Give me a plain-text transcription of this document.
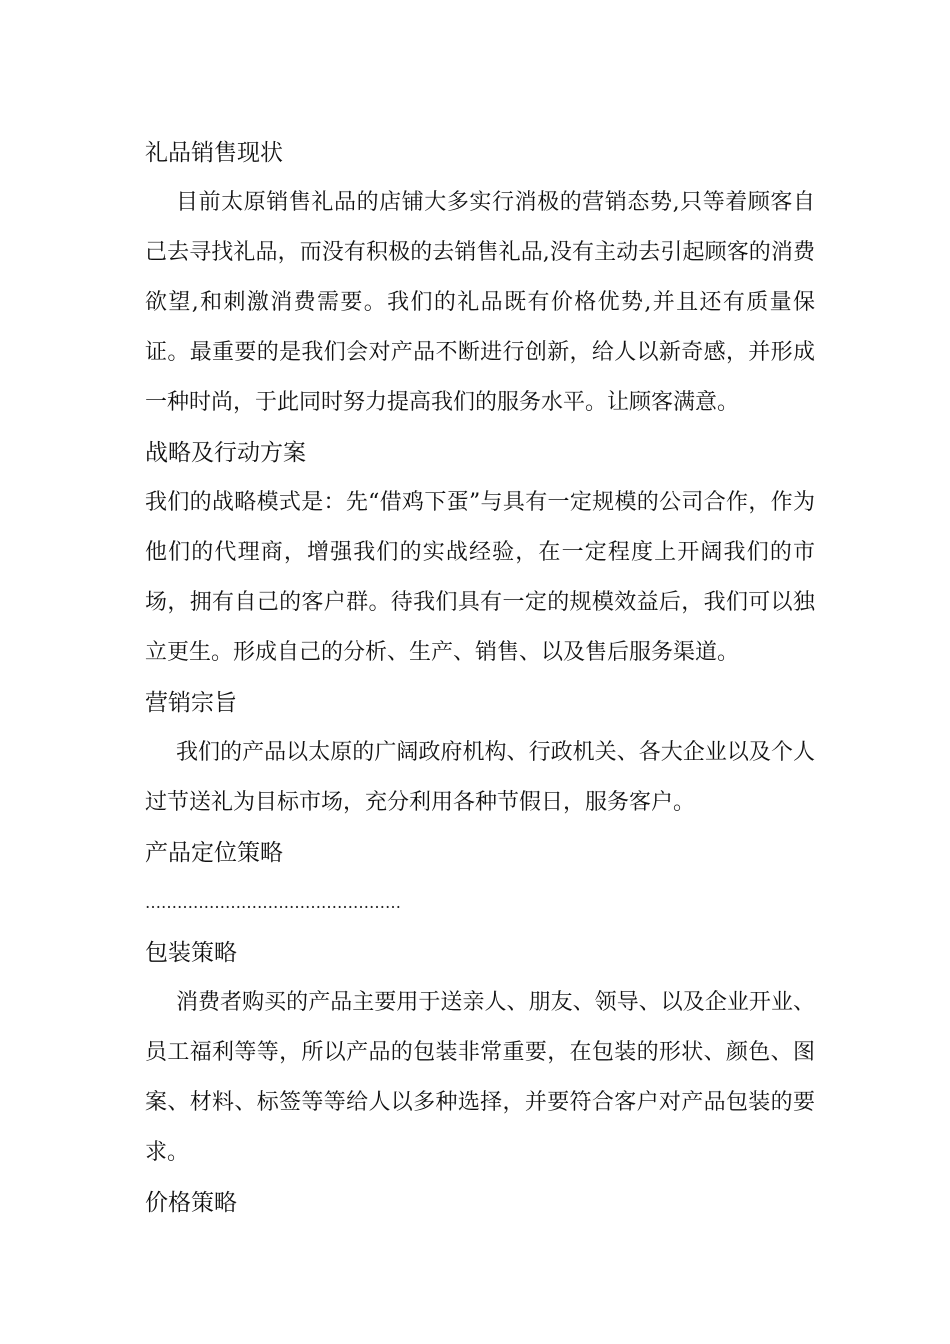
礼品销售现状

目前太原销售礼品的店铺大多实行消极的营销态势,只等着顾客自己去寻找礼品，而没有积极的去销售礼品,没有主动去引起顾客的消费欲望,和刺激消费需要。我们的礼品既有价格优势,并且还有质量保证。最重要的是我们会对产品不断进行创新，给人以新奇感，并形成一种时尚，于此同时努力提高我们的服务水平。让顾客满意。

战略及行动方案

我们的战略模式是：先“借鸡下蛋”与具有一定规模的公司合作，作为他们的代理商，增强我们的实战经验，在一定程度上开阔我们的市场，拥有自己的客户群。待我们具有一定的规模效益后，我们可以独立更生。形成自己的分析、生产、销售、以及售后服务渠道。

营销宗旨

我们的产品以太原的广阔政府机构、行政机关、各大企业以及个人过节送礼为目标市场，充分利用各种节假日，服务客户。

产品定位策略
…………………………………………
包装策略

消费者购买的产品主要用于送亲人、朋友、领导、以及企业开业、员工福利等等，所以产品的包装非常重要，在包装的形状、颜色、图案、材料、标签等等给人以多种选择，并要符合客户对产品包装的要求。

价格策略
